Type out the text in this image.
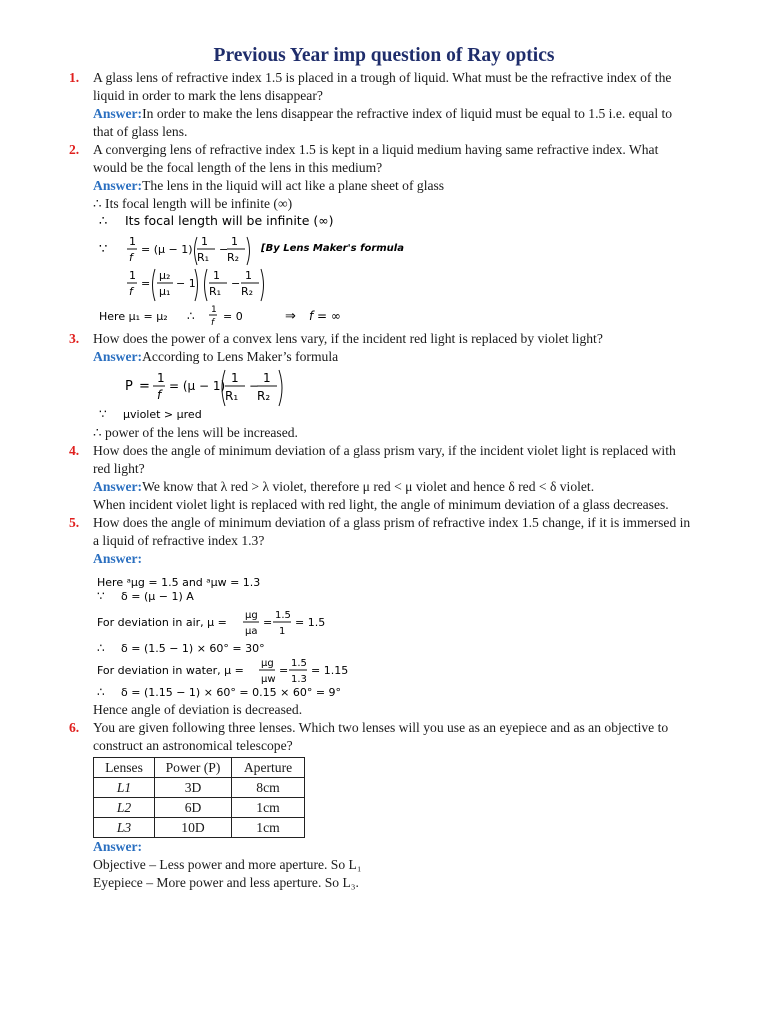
Previous Year imp question of Ray optics
1. A glass lens of refractive index 1.5 is placed in a trough of liquid. What must be the refractive index of the
liquid in order to mark the lens disappear?
Answer:In order to make the lens disappear the refractive index of liquid must be equal to 1.5 i.e. equal to
that of glass lens.
2. A converging lens of refractive index 1.5 is kept in a liquid medium having same refractive index. What
would be the focal length of the lens in this medium?
Answer:The lens in the liquid will act like a plane sheet of glass
∴ Its focal length will be infinite (∞)
∴ Its focal length will be infinite (∞)
∵
1
f
= (μ − 1)
1
R₁
−
1
R₂
[By Lens Maker's formula
1
f
=
μ₂
μ₁
− 1
1
R₁
−
1
R₂
Here μ₁ = μ₂ ∴ 1
f = 0	⇒ f = ∞
3. How does the power of a convex lens vary, if the incident red light is replaced by violet light?
Answer:According to Lens Maker’s formula
P =
1
f
= (μ − 1)
1
R₁
−
1
R₂
∵ μviolet > μred
∴ power of the lens will be increased.
4. How does the angle of minimum deviation of a glass prism vary, if the incident violet light is replaced with
red light?
Answer:We know that λ red > λ violet, therefore μ red < μ violet and hence δ red < δ violet.
When incident violet light is replaced with red light, the angle of minimum deviation of a glass decreases.
5. How does the angle of minimum deviation of a glass prism of refractive index 1.5 change, if it is immersed in
a liquid of refractive index 1.3?
Answer:
Here ᵃμg = 1.5 and ᵃμw = 1.3
∵ δ = (μ − 1) A
For deviation in air, μ =
μg
μa
=
1.5
1
= 1.5
∴ δ = (1.5 − 1) × 60° = 30°
For deviation in water, μ =
μg
μw
=
1.5
1.3
= 1.15
∴ δ = (1.15 − 1) × 60° = 0.15 × 60° = 9°
Hence angle of deviation is decreased.
6. You are given following three lenses. Which two lenses will you use as an eyepiece and as an objective to
construct an astronomical telescope?
Lenses	Power (P)	Aperture
L1	3D	8cm
L2	6D	1cm
L3	10D	1cm
Answer:
Objective – Less power and more aperture. So L₁
Eyepiece – More power and less aperture. So L₃.
